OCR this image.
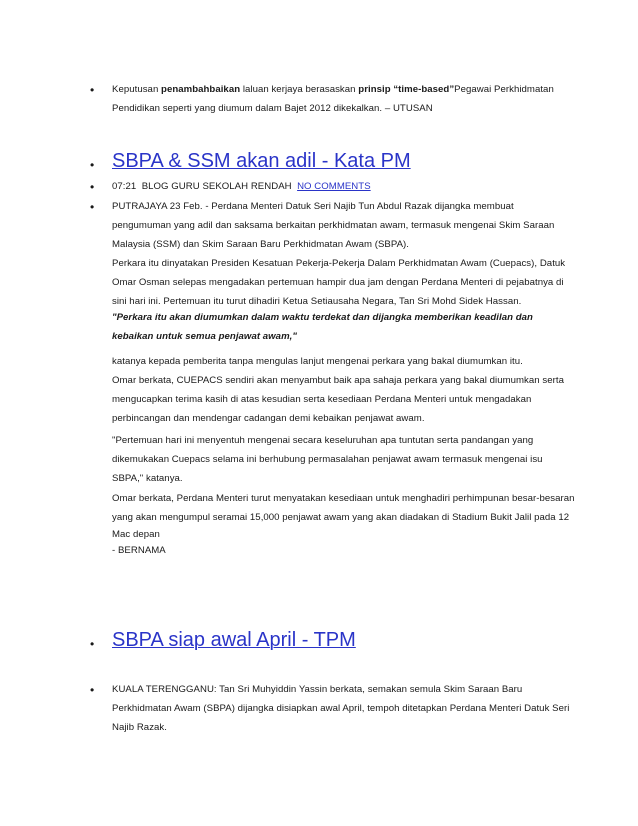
• Keputusan penambahbaikan laluan kerjaya berasaskan prinsip “time-based”Pegawai Perkhidmatan
Pendidikan seperti yang diumum dalam Bajet 2012 dikekalkan. – UTUSAN
• SBPA & SSM akan adil - Kata PM
• 07:21 BLOG GURU SEKOLAH RENDAH NO COMMENTS
• PUTRAJAYA 23 Feb. - Perdana Menteri Datuk Seri Najib Tun Abdul Razak dijangka membuat
pengumuman yang adil dan saksama berkaitan perkhidmatan awam, termasuk mengenai Skim Saraan
Malaysia (SSM) dan Skim Saraan Baru Perkhidmatan Awam (SBPA).
Perkara itu dinyatakan Presiden Kesatuan Pekerja-Pekerja Dalam Perkhidmatan Awam (Cuepacs), Datuk
Omar Osman selepas mengadakan pertemuan hampir dua jam dengan Perdana Menteri di pejabatnya di
sini hari ini. Pertemuan itu turut dihadiri Ketua Setiausaha Negara, Tan Sri Mohd Sidek Hassan.
"Perkara itu akan diumumkan dalam waktu terdekat dan dijangka memberikan keadilan dan
kebaikan untuk semua penjawat awam,"
katanya kepada pemberita tanpa mengulas lanjut mengenai perkara yang bakal diumumkan itu.
Omar berkata, CUEPACS sendiri akan menyambut baik apa sahaja perkara yang bakal diumumkan serta
mengucapkan terima kasih di atas kesudian serta kesediaan Perdana Menteri untuk mengadakan
perbincangan dan mendengar cadangan demi kebaikan penjawat awam.
"Pertemuan hari ini menyentuh mengenai secara keseluruhan apa tuntutan serta pandangan yang
dikemukakan Cuepacs selama ini berhubung permasalahan penjawat awam termasuk mengenai isu
SBPA," katanya.
Omar berkata, Perdana Menteri turut menyatakan kesediaan untuk menghadiri perhimpunan besar-besaran
yang akan mengumpul seramai 15,000 penjawat awam yang akan diadakan di Stadium Bukit Jalil pada 12
Mac depan
- BERNAMA
• SBPA siap awal April - TPM
• KUALA TERENGGANU: Tan Sri Muhyiddin Yassin berkata, semakan semula Skim Saraan Baru
Perkhidmatan Awam (SBPA) dijangka disiapkan awal April, tempoh ditetapkan Perdana Menteri Datuk Seri
Najib Razak.
